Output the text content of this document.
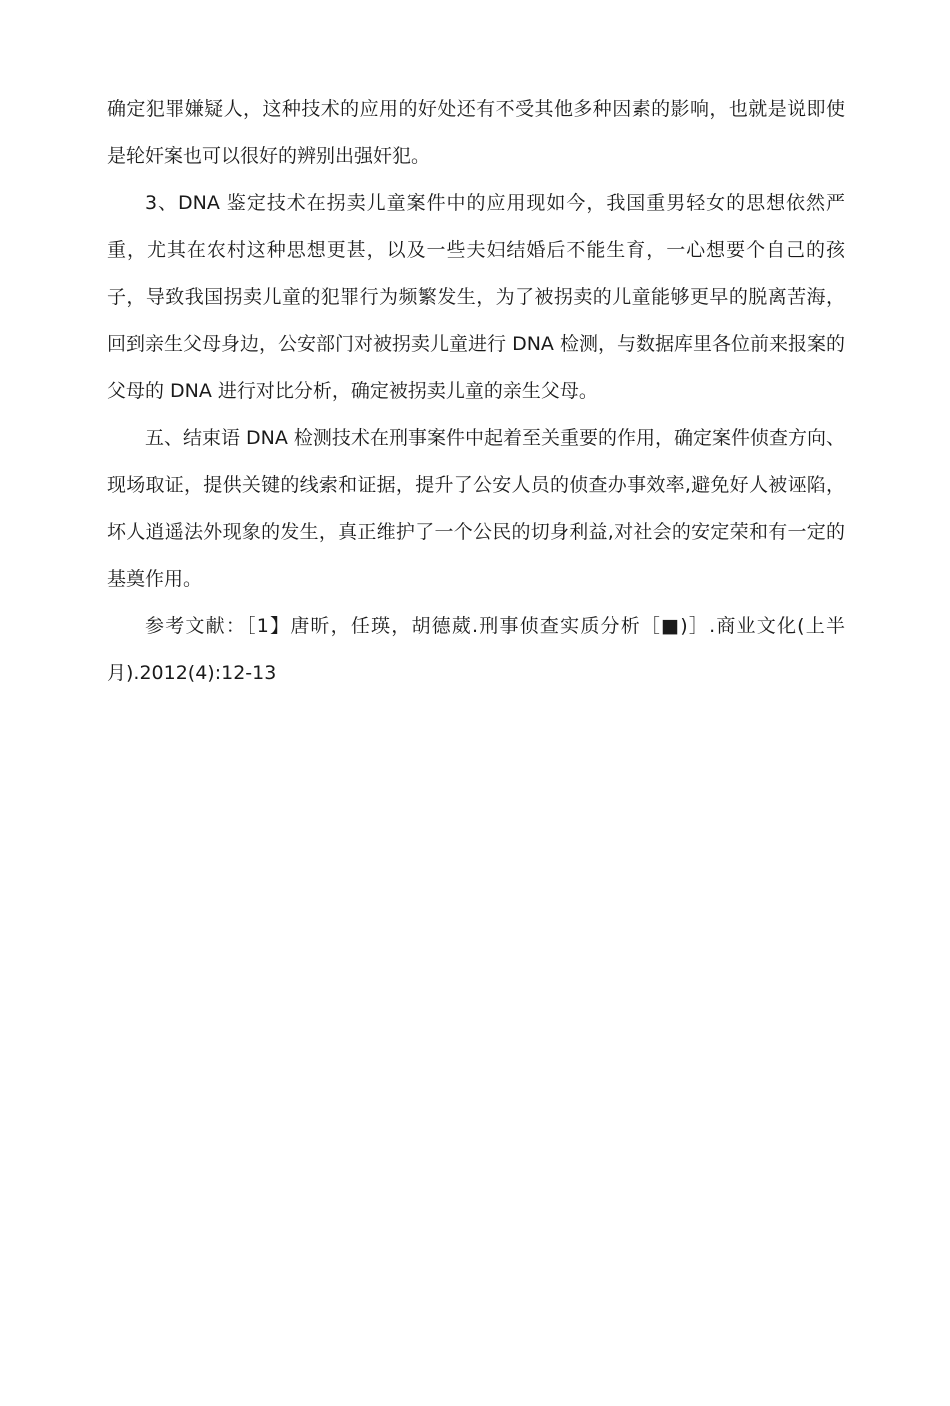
确定犯罪嫌疑人，这种技术的应用的好处还有不受其他多种因素的影响，也就是说即使是轮奸案也可以很好的辨别出强奸犯。

3、DNA 鉴定技术在拐卖儿童案件中的应用现如今，我国重男轻女的思想依然严重，尤其在农村这种思想更甚，以及一些夫妇结婚后不能生育，一心想要个自己的孩子，导致我国拐卖儿童的犯罪行为频繁发生，为了被拐卖的儿童能够更早的脱离苦海，回到亲生父母身边，公安部门对被拐卖儿童进行 DNA 检测，与数据库里各位前来报案的父母的 DNA 进行对比分析，确定被拐卖儿童的亲生父母。

五、结束语 DNA 检测技术在刑事案件中起着至关重要的作用，确定案件侦查方向、现场取证，提供关键的线索和证据，提升了公安人员的侦查办事效率,避免好人被诬陷，坏人逍遥法外现象的发生，真正维护了一个公民的切身利益,对社会的安定荣和有一定的基奠作用。

参考文献：［1】唐昕，任瑛，胡德葳.刑事侦查实质分析［■)］.商业文化(上半月).2012(4):12-13
